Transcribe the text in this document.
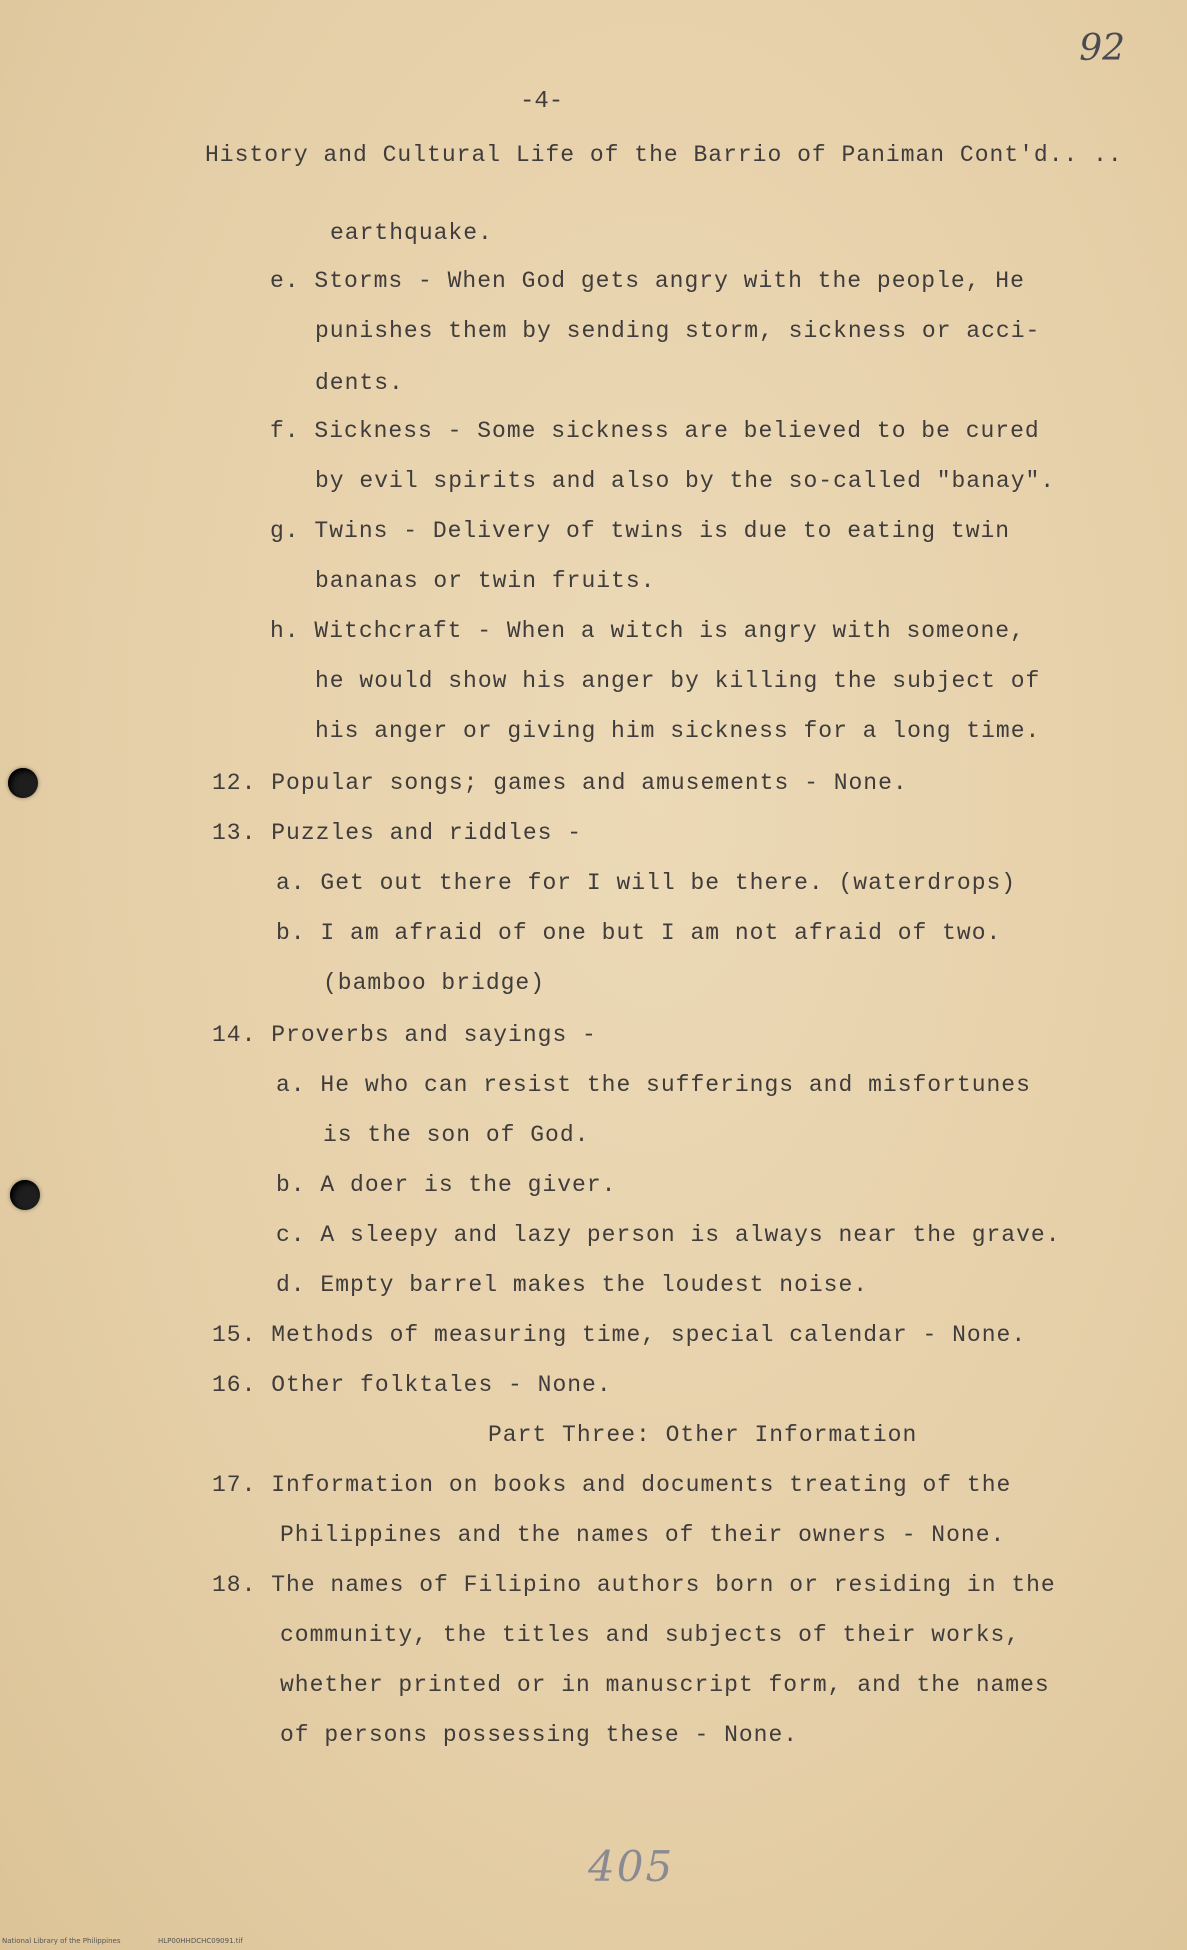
92
-4-
History and Cultural Life of the Barrio of Paniman Cont'd.. ..
earthquake.
e. Storms - When God gets angry with the people, He
punishes them by sending storm, sickness or acci-
dents.
f. Sickness - Some sickness are believed to be cured
by evil spirits and also by the so-called "banay".
g. Twins - Delivery of twins is due to eating twin
bananas or twin fruits.
h. Witchcraft - When a witch is angry with someone,
he would show his anger by killing the subject of
his anger or giving him sickness for a long time.
12. Popular songs; games and amusements - None.
13. Puzzles and riddles -
a. Get out there for I will be there. (waterdrops)
b. I am afraid of one but I am not afraid of two.
(bamboo bridge)
14. Proverbs and sayings -
a. He who can resist the sufferings and misfortunes
is the son of God.
b. A doer is the giver.
c. A sleepy and lazy person is always near the grave.
d. Empty barrel makes the loudest noise.
15. Methods of measuring time, special calendar - None.
16. Other folktales - None.
Part Three: Other Information
17. Information on books and documents treating of the
Philippines and the names of their owners - None.
18. The names of Filipino authors born or residing in the
community, the titles and subjects of their works,
whether printed or in manuscript form, and the names
of persons possessing these - None.
405
National Library of the Philippines	HLP00HHDCHC09091.tif
